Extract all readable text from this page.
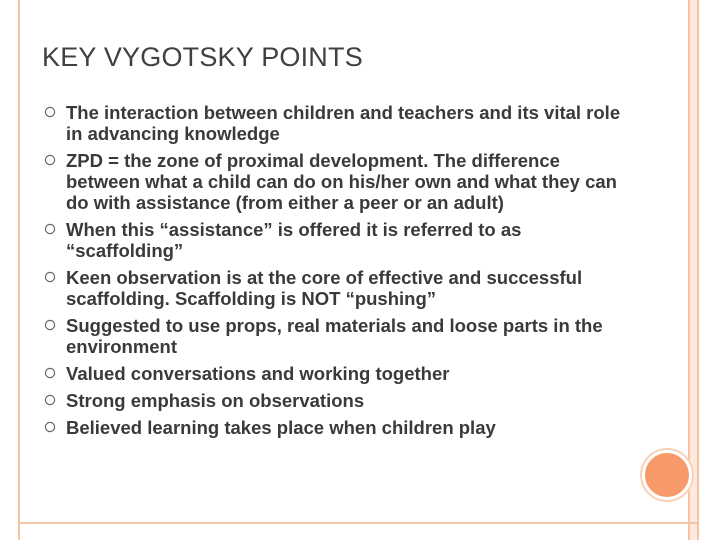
KEY VYGOTSKY POINTS
The interaction between children and teachers and its vital role in advancing knowledge
ZPD = the zone of proximal development. The difference between what a child can do on his/her own and what they can do with assistance (from either a peer or an adult)
When this “assistance” is offered it is referred to as “scaffolding”
Keen observation is at the core of effective and successful scaffolding. Scaffolding is NOT “pushing”
Suggested to use props, real materials and loose parts in the environment
Valued conversations and working together
Strong emphasis on observations
Believed learning takes place when children play
